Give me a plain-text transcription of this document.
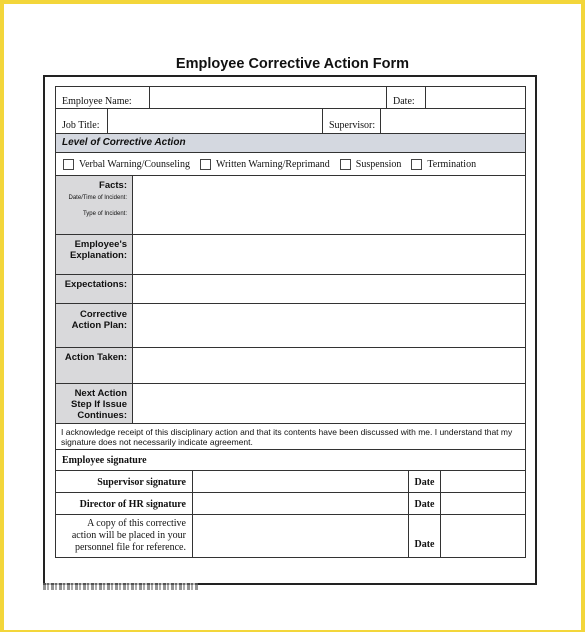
Employee Corrective Action Form
Employee Name:	Date:
Job Title:	Supervisor:
Level of Corrective Action
Verbal Warning/Counseling	Written Warning/Reprimand	Suspension	Termination
Facts:
Date/Time of Incident:
Type of Incident:
Employee's
Explanation:
Expectations:
Corrective
Action Plan:
Action Taken:
Next Action
Step If Issue
Continues:
I acknowledge receipt of this disciplinary action and that its contents have been discussed with me. I understand that my signature does not necessarily indicate agreement.
Employee signature
Supervisor signature	Date
Director of HR signature	Date
A copy of this corrective
action will be placed in your
personnel file for reference.	Date
